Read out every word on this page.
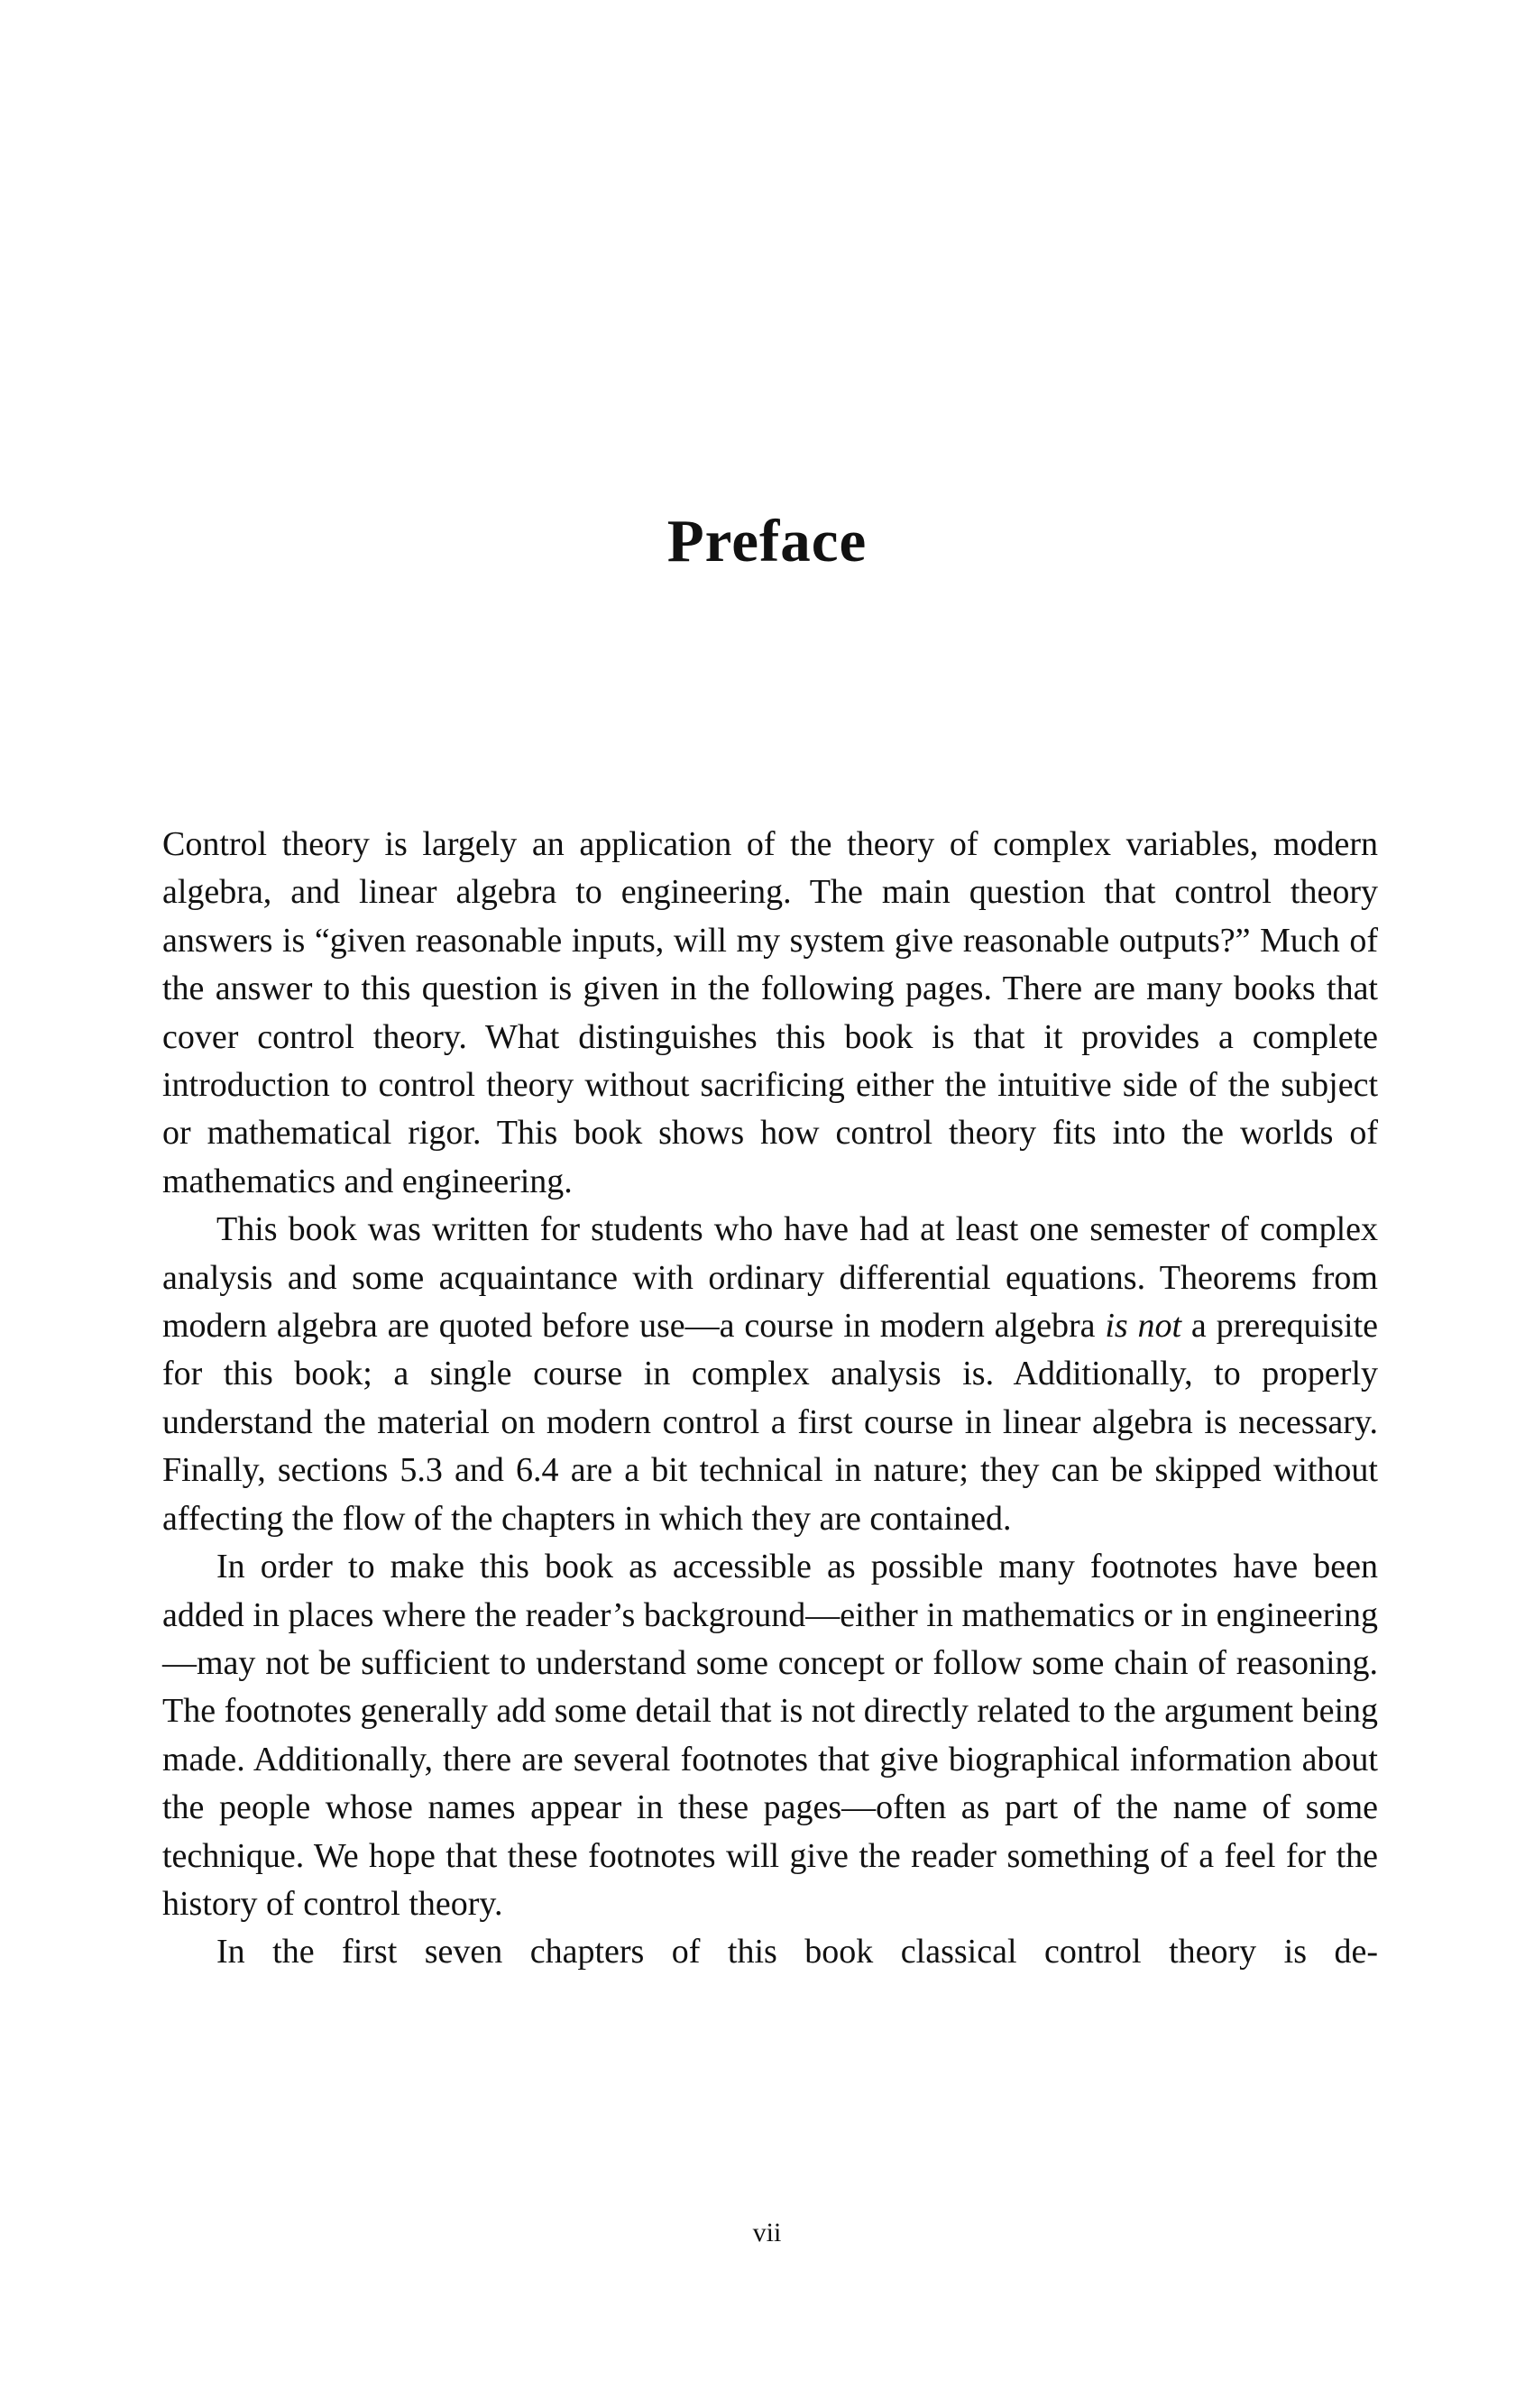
Preface

Control theory is largely an application of the theory of complex variables, modern algebra, and linear algebra to engineering. The main question that control theory answers is “given reasonable inputs, will my system give reasonable outputs?” Much of the answer to this question is given in the following pages. There are many books that cover control theory. What distinguishes this book is that it provides a complete introduction to control theory without sacrificing either the intuitive side of the subject or mathematical rigor. This book shows how control theory fits into the worlds of mathematics and engineering.

This book was written for students who have had at least one semester of complex analysis and some acquaintance with ordinary differential equations. Theorems from modern algebra are quoted before use—a course in modern algebra is not a prerequisite for this book; a single course in complex analysis is. Additionally, to properly understand the material on modern control a first course in linear algebra is necessary. Finally, sections 5.3 and 6.4 are a bit technical in nature; they can be skipped without affecting the flow of the chapters in which they are contained.

In order to make this book as accessible as possible many footnotes have been added in places where the reader’s background—either in mathematics or in engineering—may not be sufficient to understand some concept or follow some chain of reasoning. The footnotes generally add some detail that is not directly related to the argument being made. Additionally, there are several footnotes that give biographical information about the people whose names appear in these pages—often as part of the name of some technique. We hope that these footnotes will give the reader something of a feel for the history of control theory.

In the first seven chapters of this book classical control theory is de-

vii
